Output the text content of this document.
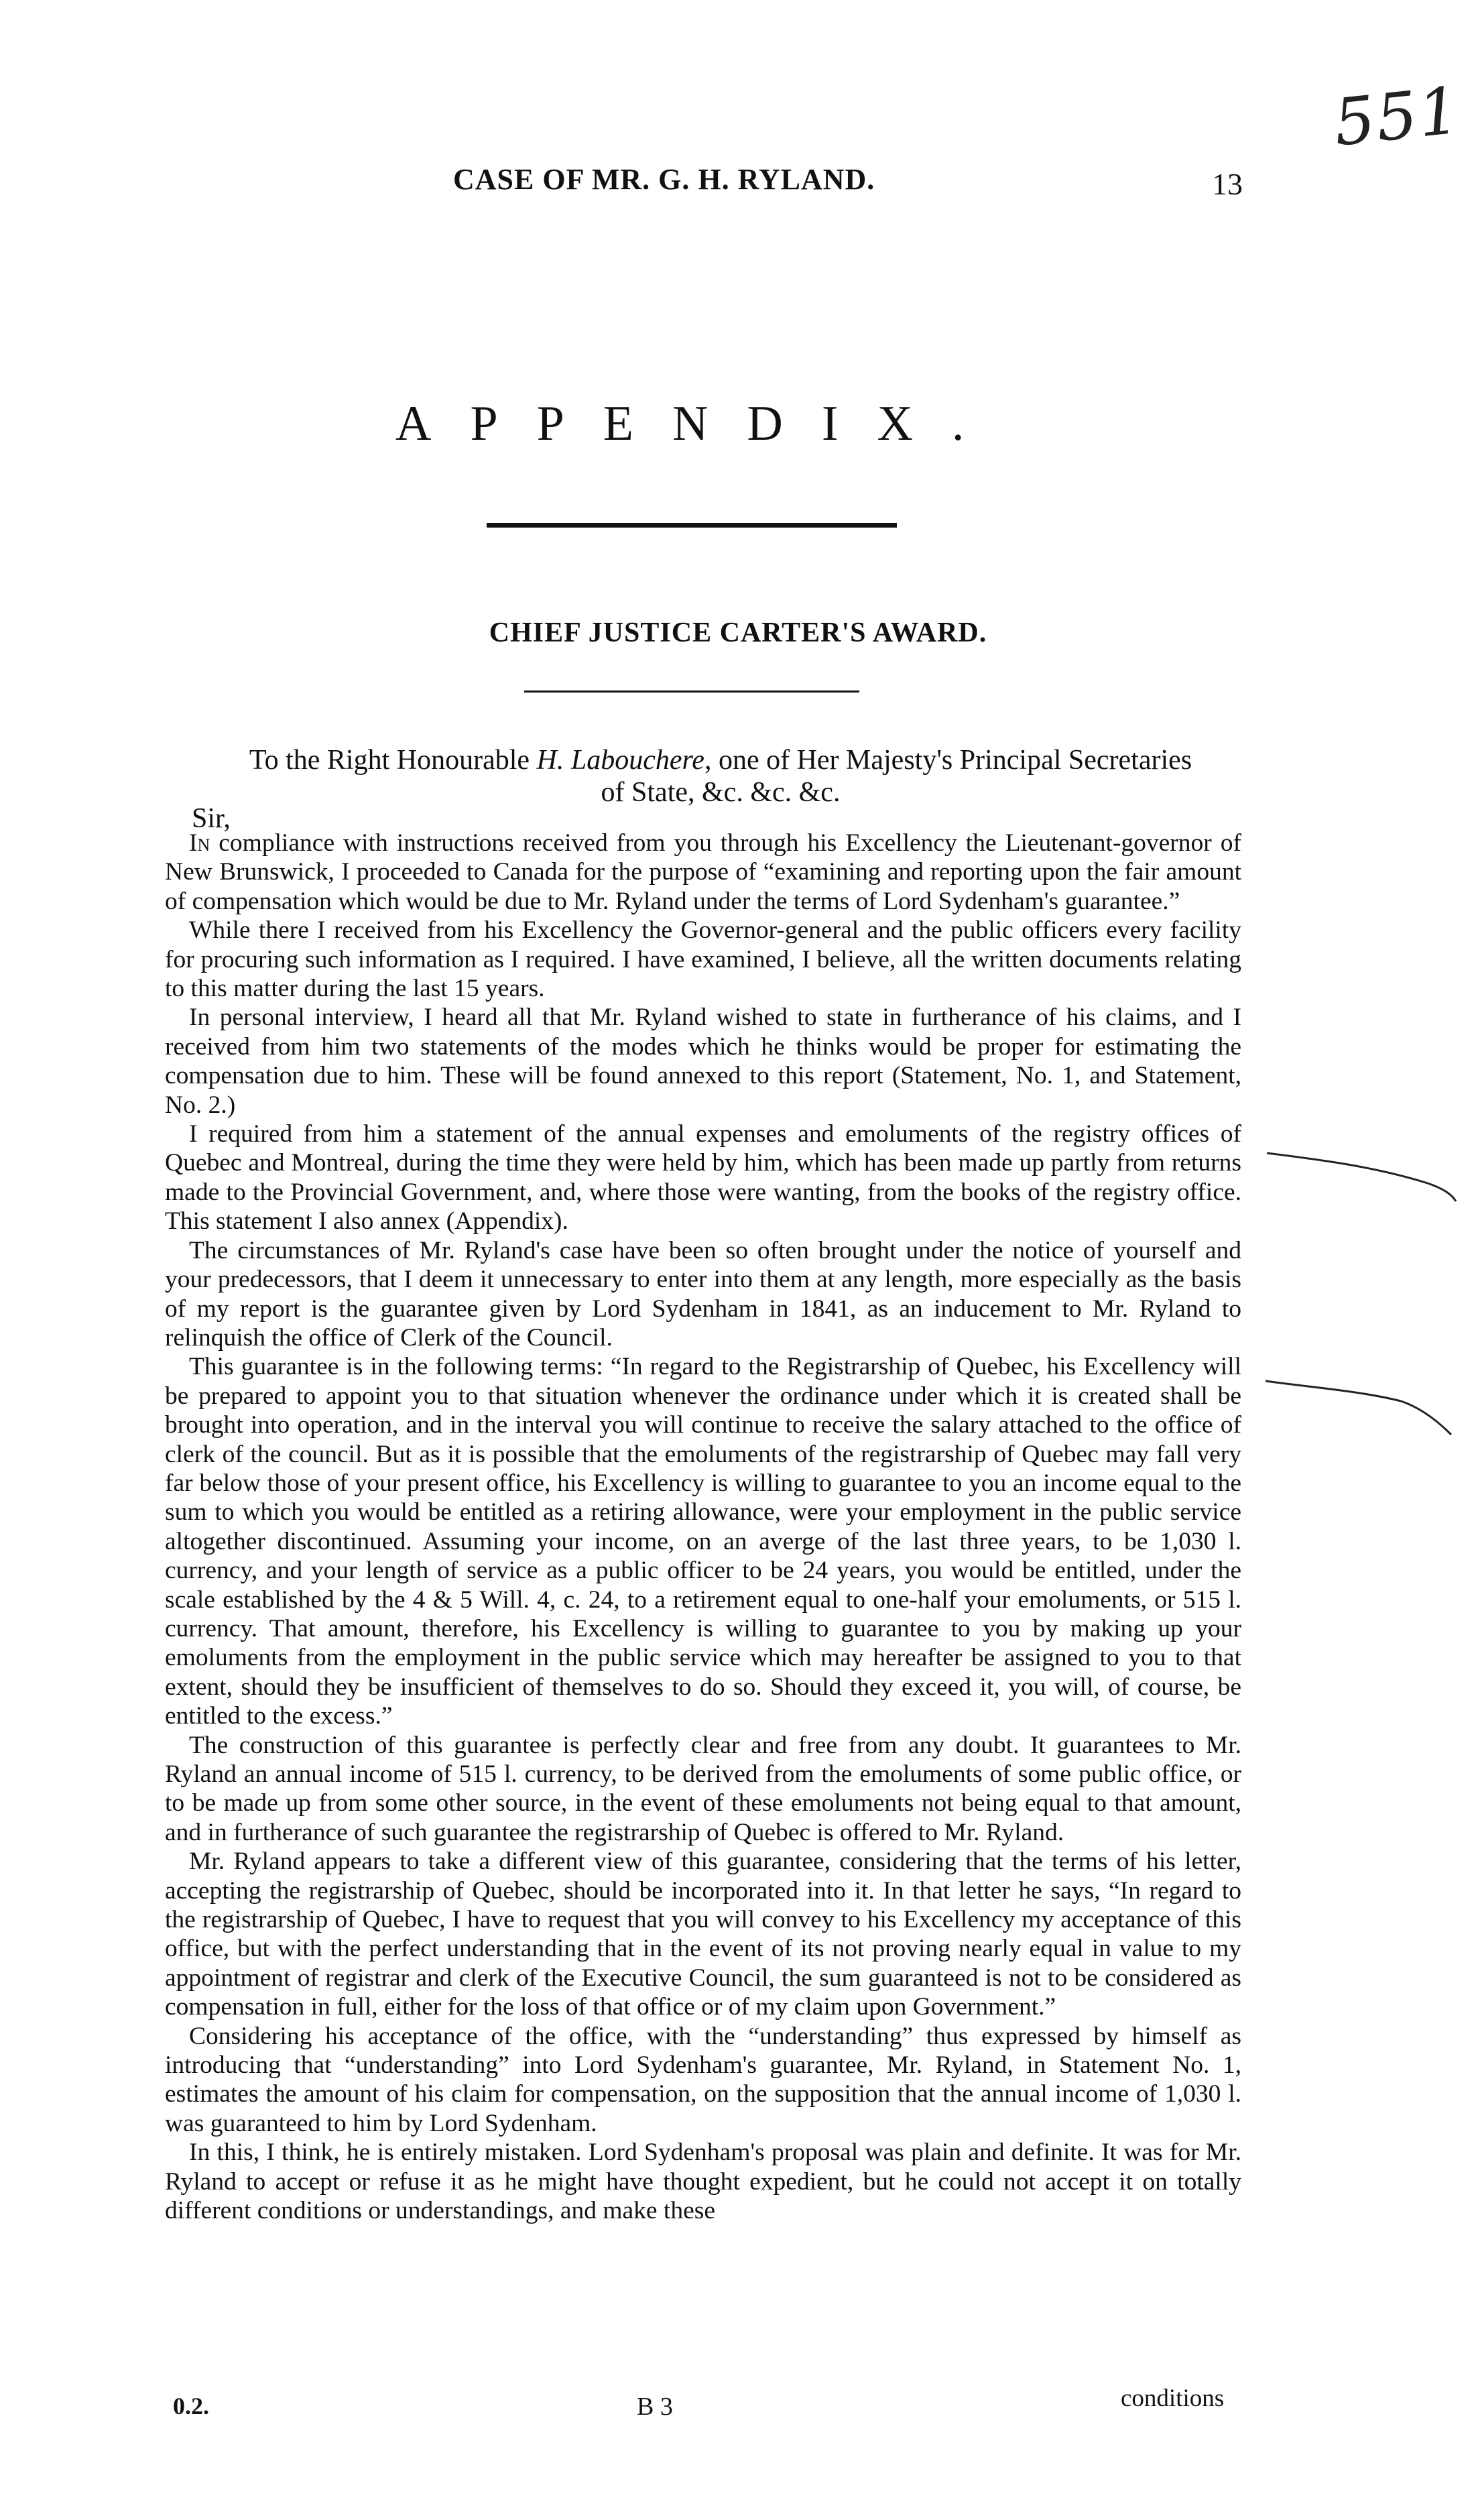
551
CASE OF MR. G. H. RYLAND.	13
APPENDIX.
CHIEF JUSTICE CARTER'S AWARD.
To the Right Honourable H. Labouchere, one of Her Majesty's Principal Secretaries
of State, &c. &c. &c.
Sir,

In compliance with instructions received from you through his Excellency the Lieutenant-governor of New Brunswick, I proceeded to Canada for the purpose of “examining and reporting upon the fair amount of compensation which would be due to Mr. Ryland under the terms of Lord Sydenham's guarantee.”

While there I received from his Excellency the Governor-general and the public officers every facility for procuring such information as I required. I have examined, I believe, all the written documents relating to this matter during the last 15 years.

In personal interview, I heard all that Mr. Ryland wished to state in furtherance of his claims, and I received from him two statements of the modes which he thinks would be proper for estimating the compensation due to him. These will be found annexed to this report (Statement, No. 1, and Statement, No. 2.)

I required from him a statement of the annual expenses and emoluments of the registry offices of Quebec and Montreal, during the time they were held by him, which has been made up partly from returns made to the Provincial Government, and, where those were wanting, from the books of the registry office. This statement I also annex (Appendix).

The circumstances of Mr. Ryland's case have been so often brought under the notice of yourself and your predecessors, that I deem it unnecessary to enter into them at any length, more especially as the basis of my report is the guarantee given by Lord Sydenham in 1841, as an inducement to Mr. Ryland to relinquish the office of Clerk of the Council.

This guarantee is in the following terms: “In regard to the Registrarship of Quebec, his Excellency will be prepared to appoint you to that situation whenever the ordinance under which it is created shall be brought into operation, and in the interval you will continue to receive the salary attached to the office of clerk of the council. But as it is possible that the emoluments of the registrarship of Quebec may fall very far below those of your present office, his Excellency is willing to guarantee to you an income equal to the sum to which you would be entitled as a retiring allowance, were your employment in the public service altogether discontinued. Assuming your income, on an averge of the last three years, to be 1,030 l. currency, and your length of service as a public officer to be 24 years, you would be entitled, under the scale established by the 4 & 5 Will. 4, c. 24, to a retirement equal to one-half your emoluments, or 515 l. currency. That amount, therefore, his Excellency is willing to guarantee to you by making up your emoluments from the employment in the public service which may hereafter be assigned to you to that extent, should they be insufficient of themselves to do so. Should they exceed it, you will, of course, be entitled to the excess.”

The construction of this guarantee is perfectly clear and free from any doubt. It guarantees to Mr. Ryland an annual income of 515 l. currency, to be derived from the emoluments of some public office, or to be made up from some other source, in the event of these emoluments not being equal to that amount, and in furtherance of such guarantee the registrarship of Quebec is offered to Mr. Ryland.

Mr. Ryland appears to take a different view of this guarantee, considering that the terms of his letter, accepting the registrarship of Quebec, should be incorporated into it. In that letter he says, “In regard to the registrarship of Quebec, I have to request that you will convey to his Excellency my acceptance of this office, but with the perfect understanding that in the event of its not proving nearly equal in value to my appointment of registrar and clerk of the Executive Council, the sum guaranteed is not to be considered as compensation in full, either for the loss of that office or of my claim upon Government.”

Considering his acceptance of the office, with the “understanding” thus expressed by himself as introducing that “understanding” into Lord Sydenham's guarantee, Mr. Ryland, in Statement No. 1, estimates the amount of his claim for compensation, on the supposition that the annual income of 1,030 l. was guaranteed to him by Lord Sydenham.

In this, I think, he is entirely mistaken. Lord Sydenham's proposal was plain and definite. It was for Mr. Ryland to accept or refuse it as he might have thought expedient, but he could not accept it on totally different conditions or understandings, and make these

0.2.	B 3	conditions
